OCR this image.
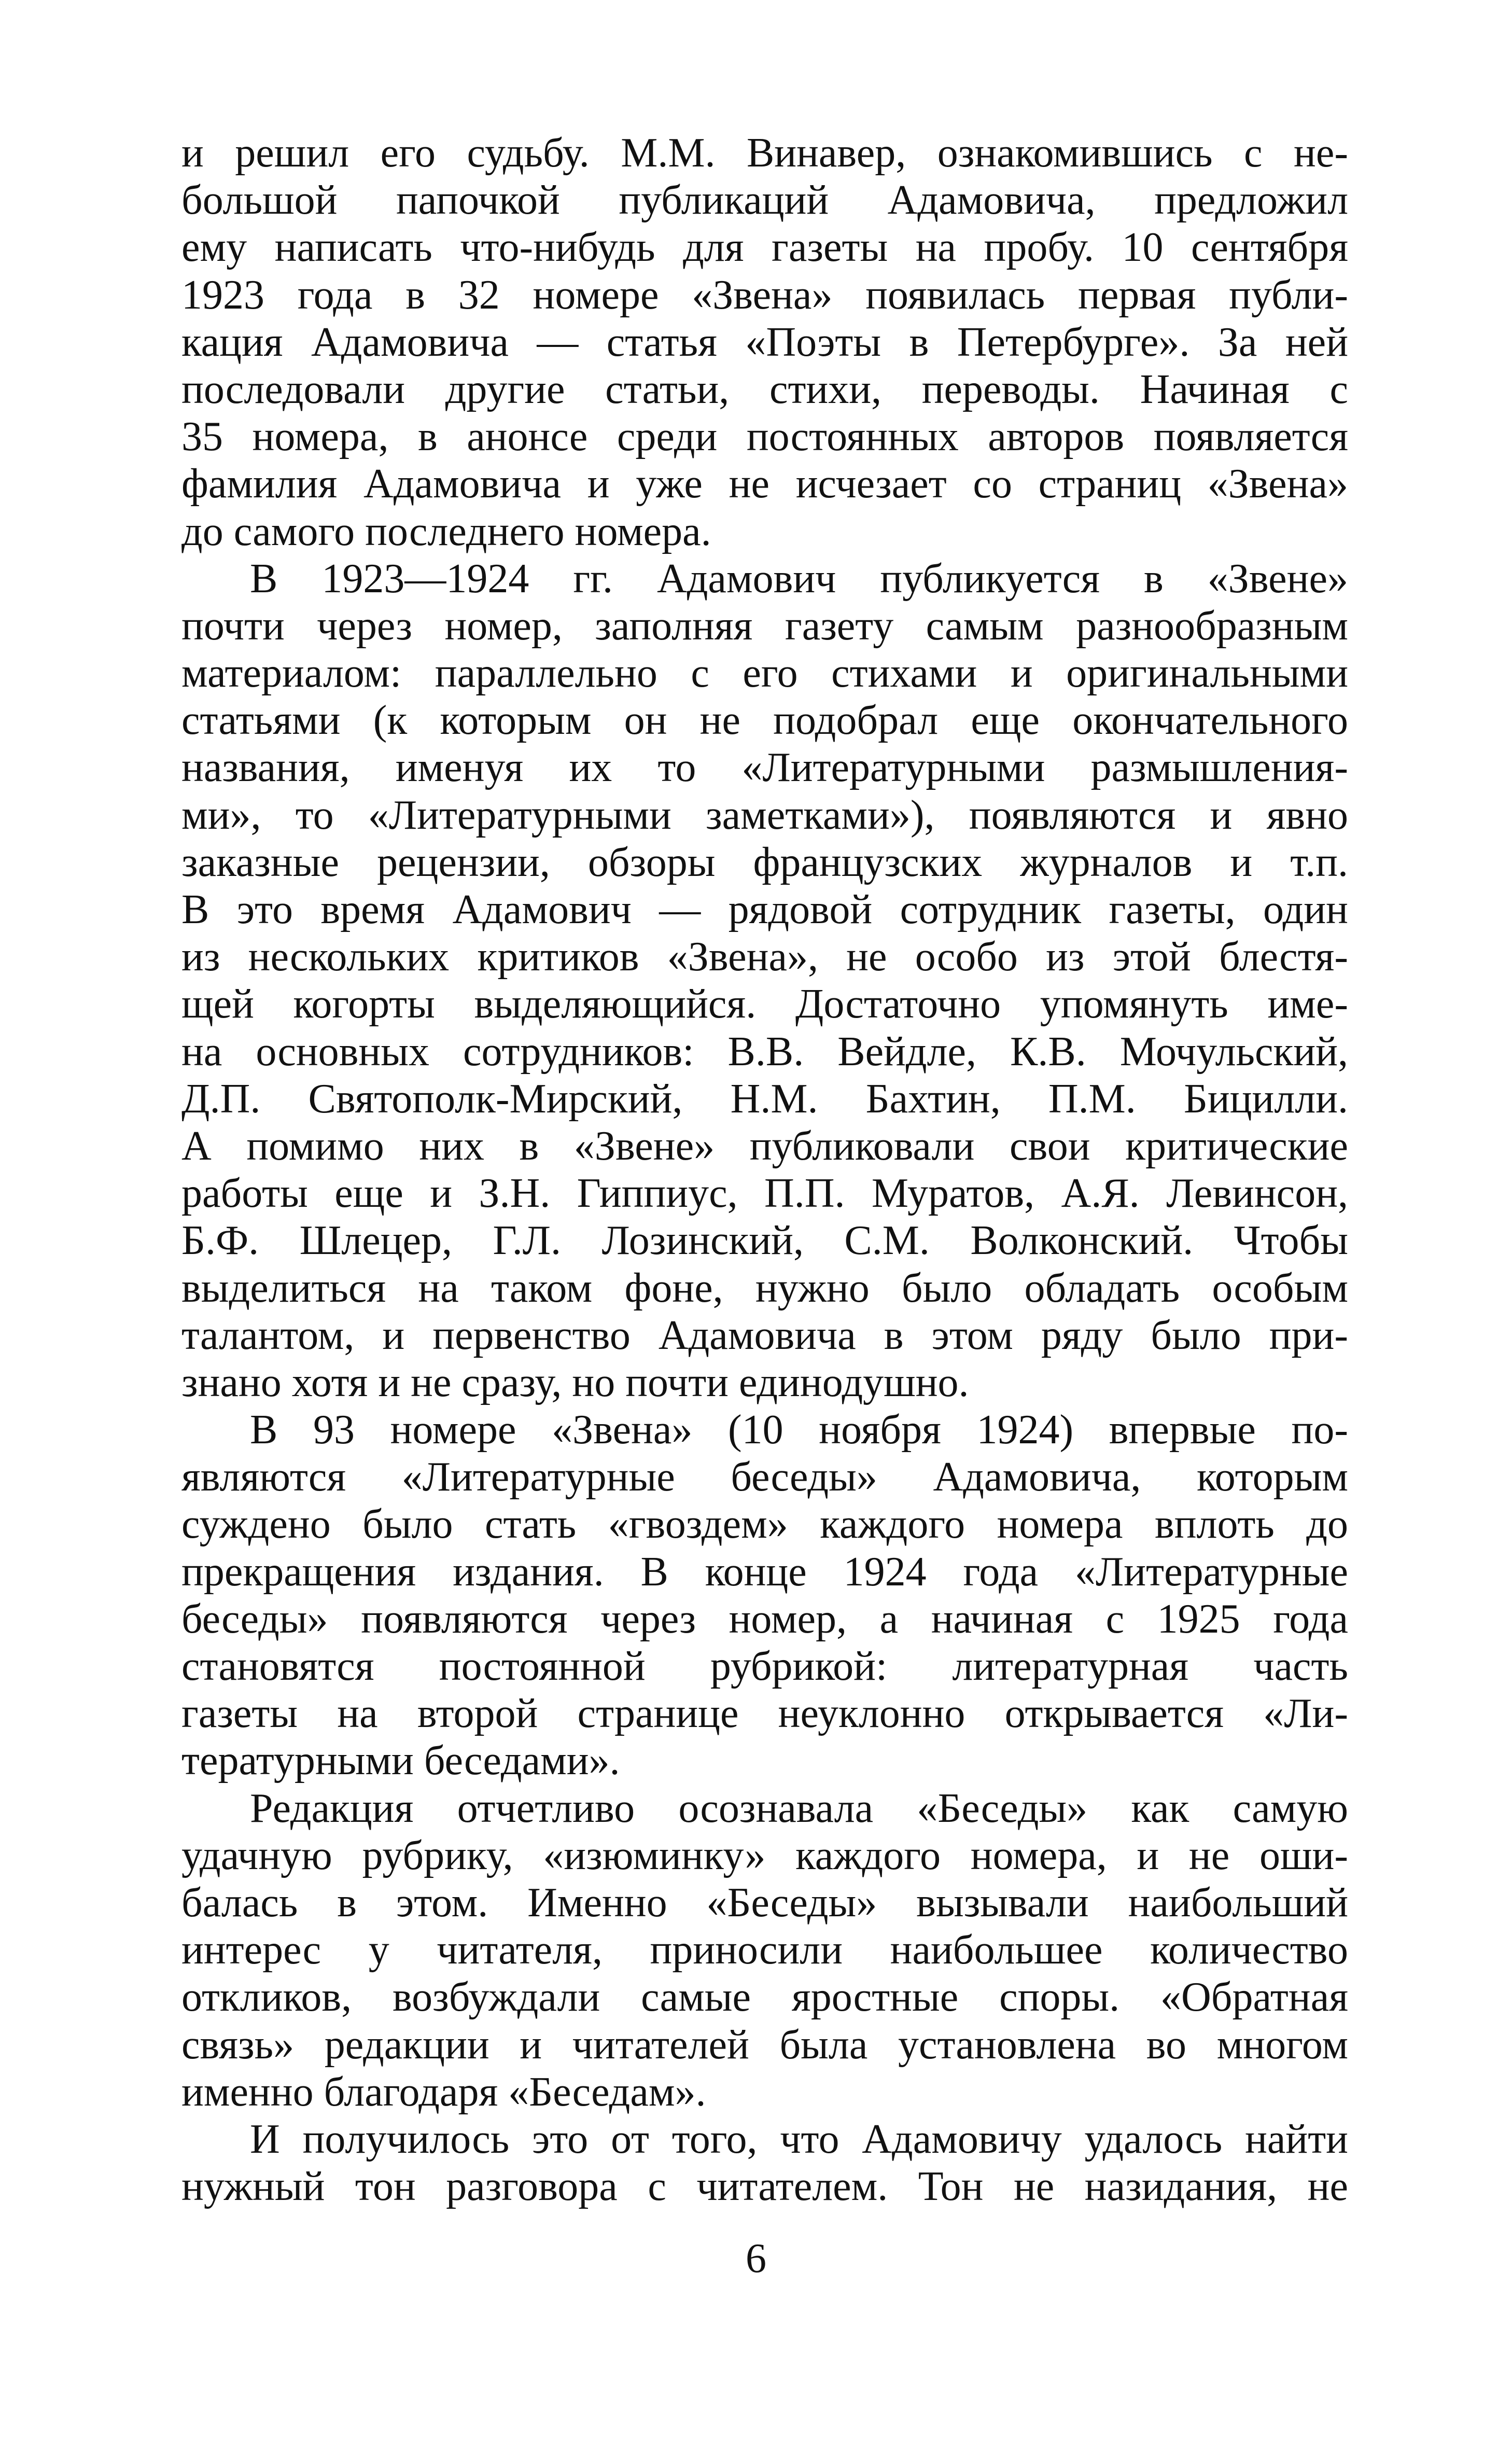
и решил его судьбу. М.М. Винавер, ознакомившись с не-
большой папочкой публикаций Адамовича, предложил
ему написать что-нибудь для газеты на пробу. 10 сентября
1923 года в 32 номере «Звена» появилась первая публи-
кация Адамовича — статья «Поэты в Петербурге». За ней
последовали другие статьи, стихи, переводы. Начиная с
35 номера, в анонсе среди постоянных авторов появляется
фамилия Адамовича и уже не исчезает со страниц «Звена»
до самого последнего номера.
В 1923—1924 гг. Адамович публикуется в «Звене»
почти через номер, заполняя газету самым разнообразным
материалом: параллельно с его стихами и оригинальными
статьями (к которым он не подобрал еще окончательного
названия, именуя их то «Литературными размышления-
ми», то «Литературными заметками»), появляются и явно
заказные рецензии, обзоры французских журналов и т.п.
В это время Адамович — рядовой сотрудник газеты, один
из нескольких критиков «Звена», не особо из этой блестя-
щей когорты выделяющийся. Достаточно упомянуть име-
на основных сотрудников: В.В. Вейдле, К.В. Мочульский,
Д.П. Святополк-Мирский, Н.М. Бахтин, П.М. Бицилли.
А помимо них в «Звене» публиковали свои критические
работы еще и З.Н. Гиппиус, П.П. Муратов, А.Я. Левинсон,
Б.Ф. Шлецер, Г.Л. Лозинский, С.М. Волконский. Чтобы
выделиться на таком фоне, нужно было обладать особым
талантом, и первенство Адамовича в этом ряду было при-
знано хотя и не сразу, но почти единодушно.
В 93 номере «Звена» (10 ноября 1924) впервые по-
являются «Литературные беседы» Адамовича, которым
суждено было стать «гвоздем» каждого номера вплоть до
прекращения издания. В конце 1924 года «Литературные
беседы» появляются через номер, а начиная с 1925 года
становятся постоянной рубрикой: литературная часть
газеты на второй странице неуклонно открывается «Ли-
тературными беседами».
Редакция отчетливо осознавала «Беседы» как самую
удачную рубрику, «изюминку» каждого номера, и не оши-
балась в этом. Именно «Беседы» вызывали наибольший
интерес у читателя, приносили наибольшее количество
откликов, возбуждали самые яростные споры. «Обратная
связь» редакции и читателей была установлена во многом
именно благодаря «Беседам».
И получилось это от того, что Адамовичу удалось найти
нужный тон разговора с читателем. Тон не назидания, не
6
